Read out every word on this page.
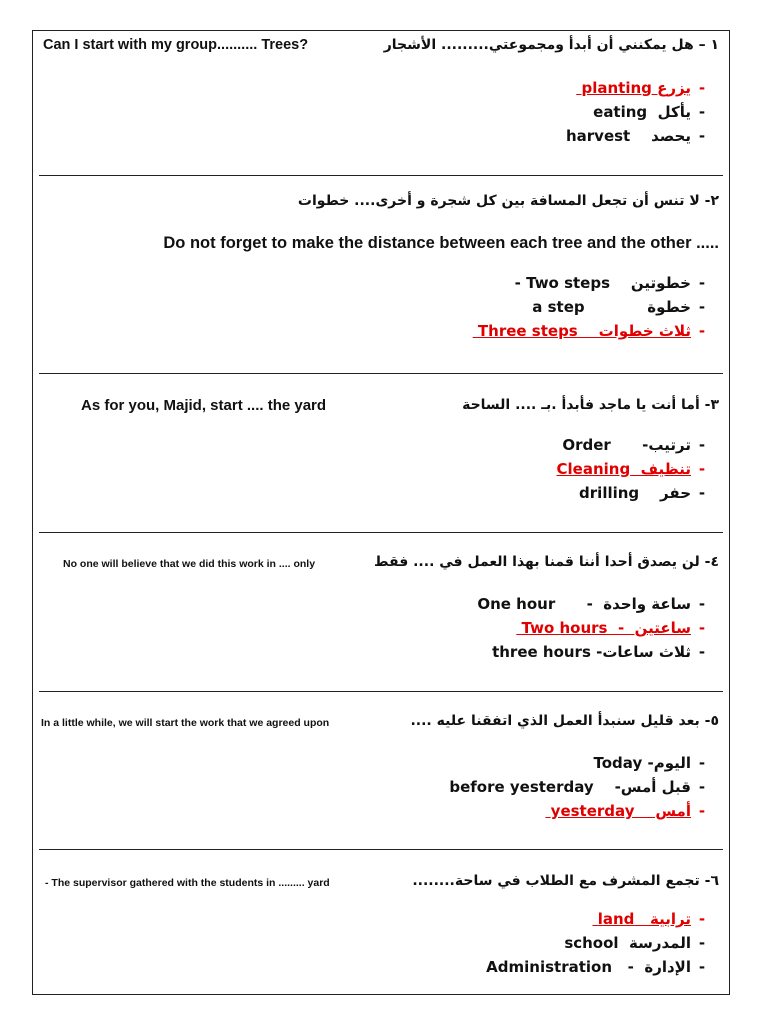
١ – هل يمكنني أن أبدأ ومجموعتي......... الأشجار
Can I start with my group.......... Trees?
-
يزرع planting
-
يأكل  eating
-
يحصد    harvest
٢- لا تنس أن تجعل المسافة بين كل شجرة و أخرى.... خطوات
Do not forget to make the distance between each tree and the other .....
-
خطوتين    Two steps -
-
خطوة            a step
-
ثلاث خطوات    Three steps
٣- أما أنت يا ماجد فأبدأ .بـ .... الساحة
As for you, Majid, start .... the yard
-
ترتيب-      Order
-
تنظيف  Cleaning
-
حفر    drilling
٤- لن يصدق أحدا أننا قمنا بهذا العمل في .... فقط
No one will believe that we did this work in .... only
-
ساعة واحدة  -      One hour
-
ساعتين  -  Two hours
-
ثلاث ساعات- three hours
٥- بعد قليل سنبدأ العمل الذي اتفقنا عليه ....
In a little while, we will start the work that we agreed upon
-
اليوم- Today
-
قبل أمس-    before yesterday
-
أمس    yesterday
٦- تجمع المشرف مع الطلاب في ساحة........
- The supervisor gathered with the students in ......... yard
-
ترابية   land
-
المدرسة  school
-
الإدارة  -   Administration
